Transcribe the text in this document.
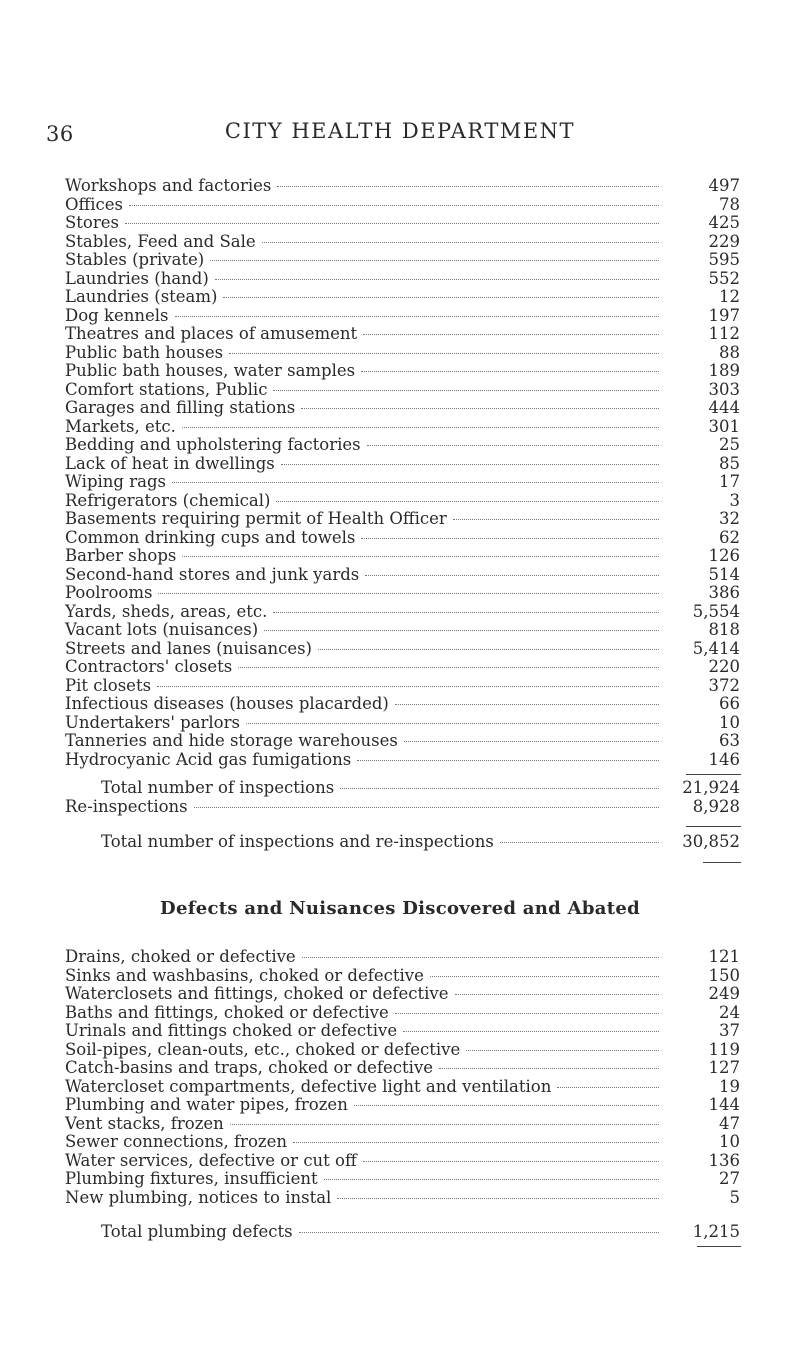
36	CITY HEALTH DEPARTMENT
Workshops and factories	497
Offices	78
Stores	425
Stables, Feed and Sale	229
Stables (private)	595
Laundries (hand)	552
Laundries (steam)	12
Dog kennels	197
Theatres and places of amusement	112
Public bath houses	88
Public bath houses, water samples	189
Comfort stations, Public	303
Garages and filling stations	444
Markets, etc.	301
Bedding and upholstering factories	25
Lack of heat in dwellings	85
Wiping rags	17
Refrigerators (chemical)	3
Basements requiring permit of Health Officer	32
Common drinking cups and towels	62
Barber shops	126
Second-hand stores and junk yards	514
Poolrooms	386
Yards, sheds, areas, etc.	5,554
Vacant lots (nuisances)	818
Streets and lanes (nuisances)	5,414
Contractors' closets	220
Pit closets	372
Infectious diseases (houses placarded)	66
Undertakers' parlors	10
Tanneries and hide storage warehouses	63
Hydrocyanic Acid gas fumigations	146
Total number of inspections	21,924
Re-inspections	8,928
Total number of inspections and re-inspections	30,852
Defects and Nuisances Discovered and Abated
Drains, choked or defective	121
Sinks and washbasins, choked or defective	150
Waterclosets and fittings, choked or defective	249
Baths and fittings, choked or defective	24
Urinals and fittings choked or defective	37
Soil-pipes, clean-outs, etc., choked or defective	119
Catch-basins and traps, choked or defective	127
Watercloset compartments, defective light and ventilation	19
Plumbing and water pipes, frozen	144
Vent stacks, frozen	47
Sewer connections, frozen	10
Water services, defective or cut off	136
Plumbing fixtures, insufficient	27
New plumbing, notices to instal	5
Total plumbing defects	1,215
